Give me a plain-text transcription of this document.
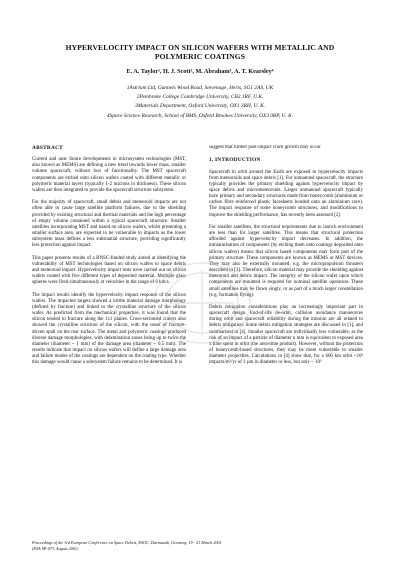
HYPERVELOCITY IMPACT ON SILICON WAFERS WITH METALLIC AND
POLYMERIC COATINGS
E. A. Taylor¹, H. J. Scott², M. Abraham³, A. T. Kearsley⁴
1Astrium Ltd, Gunnels Wood Road, Stevenage, Herts, SG1 2AS, UK
2Pembroke College Cambridge University, CB2 1RF, U.K.
3Materials Department, Oxford University, OX1 3RH, U. K.
4Space Science Research, School of BMS, Oxford Brookes University, OX3 0BP, U. K.
ABSTRACT

Current and near future developments in microsystem technologies (MST, also known as MEMS) are defining a new trend towards lower mass, smaller volume spacecraft, without loss of functionality. The MST spacecraft components are etched onto silicon wafers coated with different metallic or polymeric material layers (typically 1-2 microns in thickness). These silicon wafers are then integrated to provide the spacecraft structure subsystem.

For the majority of spacecraft, small debris and meteoroid impacts are not often able to cause large satellite platform failures, due to the shielding provided by existing structural and thermal materials and the high percentage of empty volume contained within a typical spacecraft structure. Smaller satellites incorporating MST and based on silicon wafers, whilst presenting a smaller surface area, are expected to be vulnerable to impacts as the lower subsystem mass defines a less substantial structure, providing significantly less protection against impact.

This paper presents results of a BNSC-funded study aimed at identifying the vulnerability of MST technologies based on silicon wafers to space debris and meteoroid impact. Hypervelocity impact tests were carried out on silicon wafers coated with five different types of deposited material. Multiple glass spheres were fired simultaneously at velocities in the range of 6 km/s.

The impact results identify the hypervelocity impact response of the silicon wafers. The impacted targets showed a brittle material damage morphology (defined by fracture) and linked to the crystalline structure of the silicon wafer. As predicted from the mechanical properties, it was found that the silicon tended to fracture along the 111 planes. Cross-sectioned craters also showed the crystalline structure of the silicon, with the onset of fracture-driven spall on the rear surface. The metal and polymeric coatings produced diverse damage morphologies, with delamination zones being up to twice the diameter (diameter ~ 1 mm) of the damage area (diameter ~ 0.5 mm). The results indicate that impact on silicon wafers will define a large damage area and failure modes of the coatings are dependent on the coating type. Whether this damage would cause a subsystem failure remains to be determined. It is

suggest that further post-impact crack growth may occur

1. INTRODUCTION

Spacecraft in orbit around the Earth are exposed to hypervelocity impacts from meteoroids and space debris [1]. For unmanned spacecraft, the structure typically provides the primary shielding against hypervelocity impact by space debris and micrometeoroids. Larger unmanned spacecraft typically have primary and secondary structures made from honeycomb (aluminium or carbon fibre reinforced plastic facesheets bonded onto an aluminium core). The impact response of some honeycomb structures, and modifications to improve the shielding performance, has recently been assessed [2].

For smaller satellites, the structural requirements due to launch environment are less than for larger satellites. This means that structural protection afforded against hypervelocity impact decreases. In addition, the miniaturisation of components (by etching them onto coatings deposited onto silicon wafers) means that silicon based components may form part of the primary structure. These components are known as MEMS or MST devices. They may also be externally mounted, e.g. the micropropulsion thrusters described in [3]. Therefore, silicon material may provide the shielding against meteoroid and debris impact. The integrity of the silicon wafer upon which components are mounted is required for nominal satellite operation. These small satellites may be flown singly, or as part of a much larger constellation (e.g. formation flying).

Debris mitigation considerations play an increasingly important part in spacecraft design. End-of-life de-orbit, collision avoidance manoeuvres during orbit and spacecraft reliability during the mission are all related to debris mitigation. Some debris mitigation strategies are discussed in [1], and summarised in [4]. Smaller spacecraft are individually less vulnerable, as the risk of an impact of a particle of diameter n mm is equivalent to exposed area x time spent in orbit (the area-time product). However, without the protection of honeycomb-based structures, they may be more vulnerable to smaller diameter projectiles. Calculations in [4] show that, for a 600 km orbit ~10³ impacts/m²/yr of 1 µm in diameter or less, but only ~ 10³

Proceedings of the 3rd European Conference on Space Debris, ESOC, Darmstadt, Germany, 19 - 21 March 2001
(ESA SP-473, August 2001)
